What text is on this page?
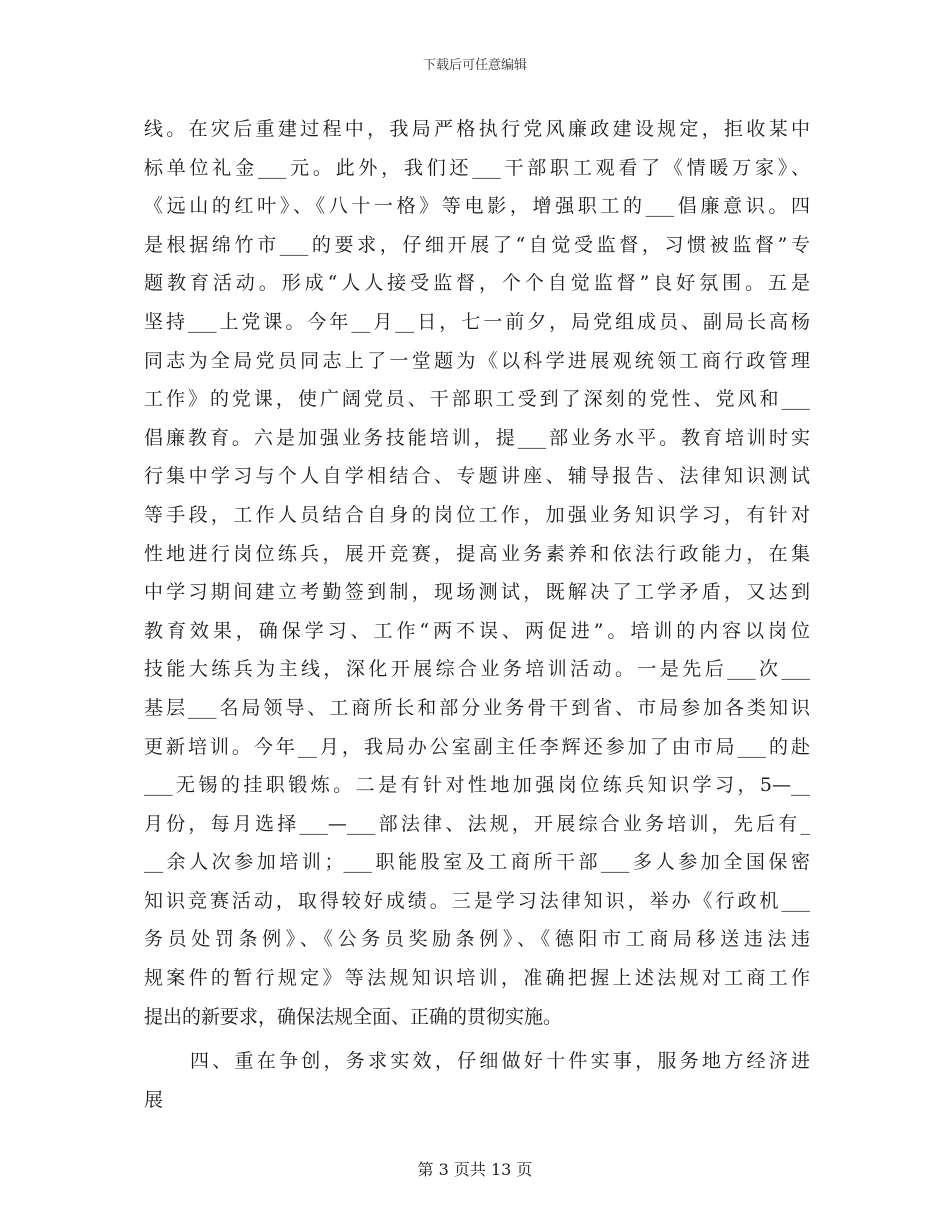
下载后可任意编辑
线。在灾后重建过程中，我局严格执行党风廉政建设规定，拒收某中
标单位礼金___元。此外，我们还___干部职工观看了《情暖万家》、
《远山的红叶》、《八十一格》等电影，增强职工的___倡廉意识。四
是根据绵竹市___的要求，仔细开展了“自觉受监督，习惯被监督”专
题教育活动。形成“人人接受监督，个个自觉监督”良好氛围。五是
坚持___上党课。今年__月__日，七一前夕，局党组成员、副局长高杨
同志为全局党员同志上了一堂题为《以科学进展观统领工商行政管理
工作》的党课，使广阔党员、干部职工受到了深刻的党性、党风和___
倡廉教育。六是加强业务技能培训，提___部业务水平。教育培训时实
行集中学习与个人自学相结合、专题讲座、辅导报告、法律知识测试
等手段，工作人员结合自身的岗位工作，加强业务知识学习，有针对
性地进行岗位练兵，展开竞赛，提高业务素养和依法行政能力，在集
中学习期间建立考勤签到制，现场测试，既解决了工学矛盾，又达到
教育效果，确保学习、工作“两不误、两促进”。培训的内容以岗位
技能大练兵为主线，深化开展综合业务培训活动。一是先后___次___
基层___名局领导、工商所长和部分业务骨干到省、市局参加各类知识
更新培训。今年__月，我局办公室副主任李辉还参加了由市局___的赴
___无锡的挂职锻炼。二是有针对性地加强岗位练兵知识学习，5—__
月份，每月选择___—___部法律、法规，开展综合业务培训，先后有_
__余人次参加培训；___职能股室及工商所干部___多人参加全国保密
知识竞赛活动，取得较好成绩。三是学习法律知识，举办《行政机___
务员处罚条例》、《公务员奖励条例》、《德阳市工商局移送违法违
规案件的暂行规定》等法规知识培训，准确把握上述法规对工商工作
提出的新要求，确保法规全面、正确的贯彻实施。
四、重在争创，务求实效，仔细做好十件实事，服务地方经济进
展
第 3 页共 13 页
